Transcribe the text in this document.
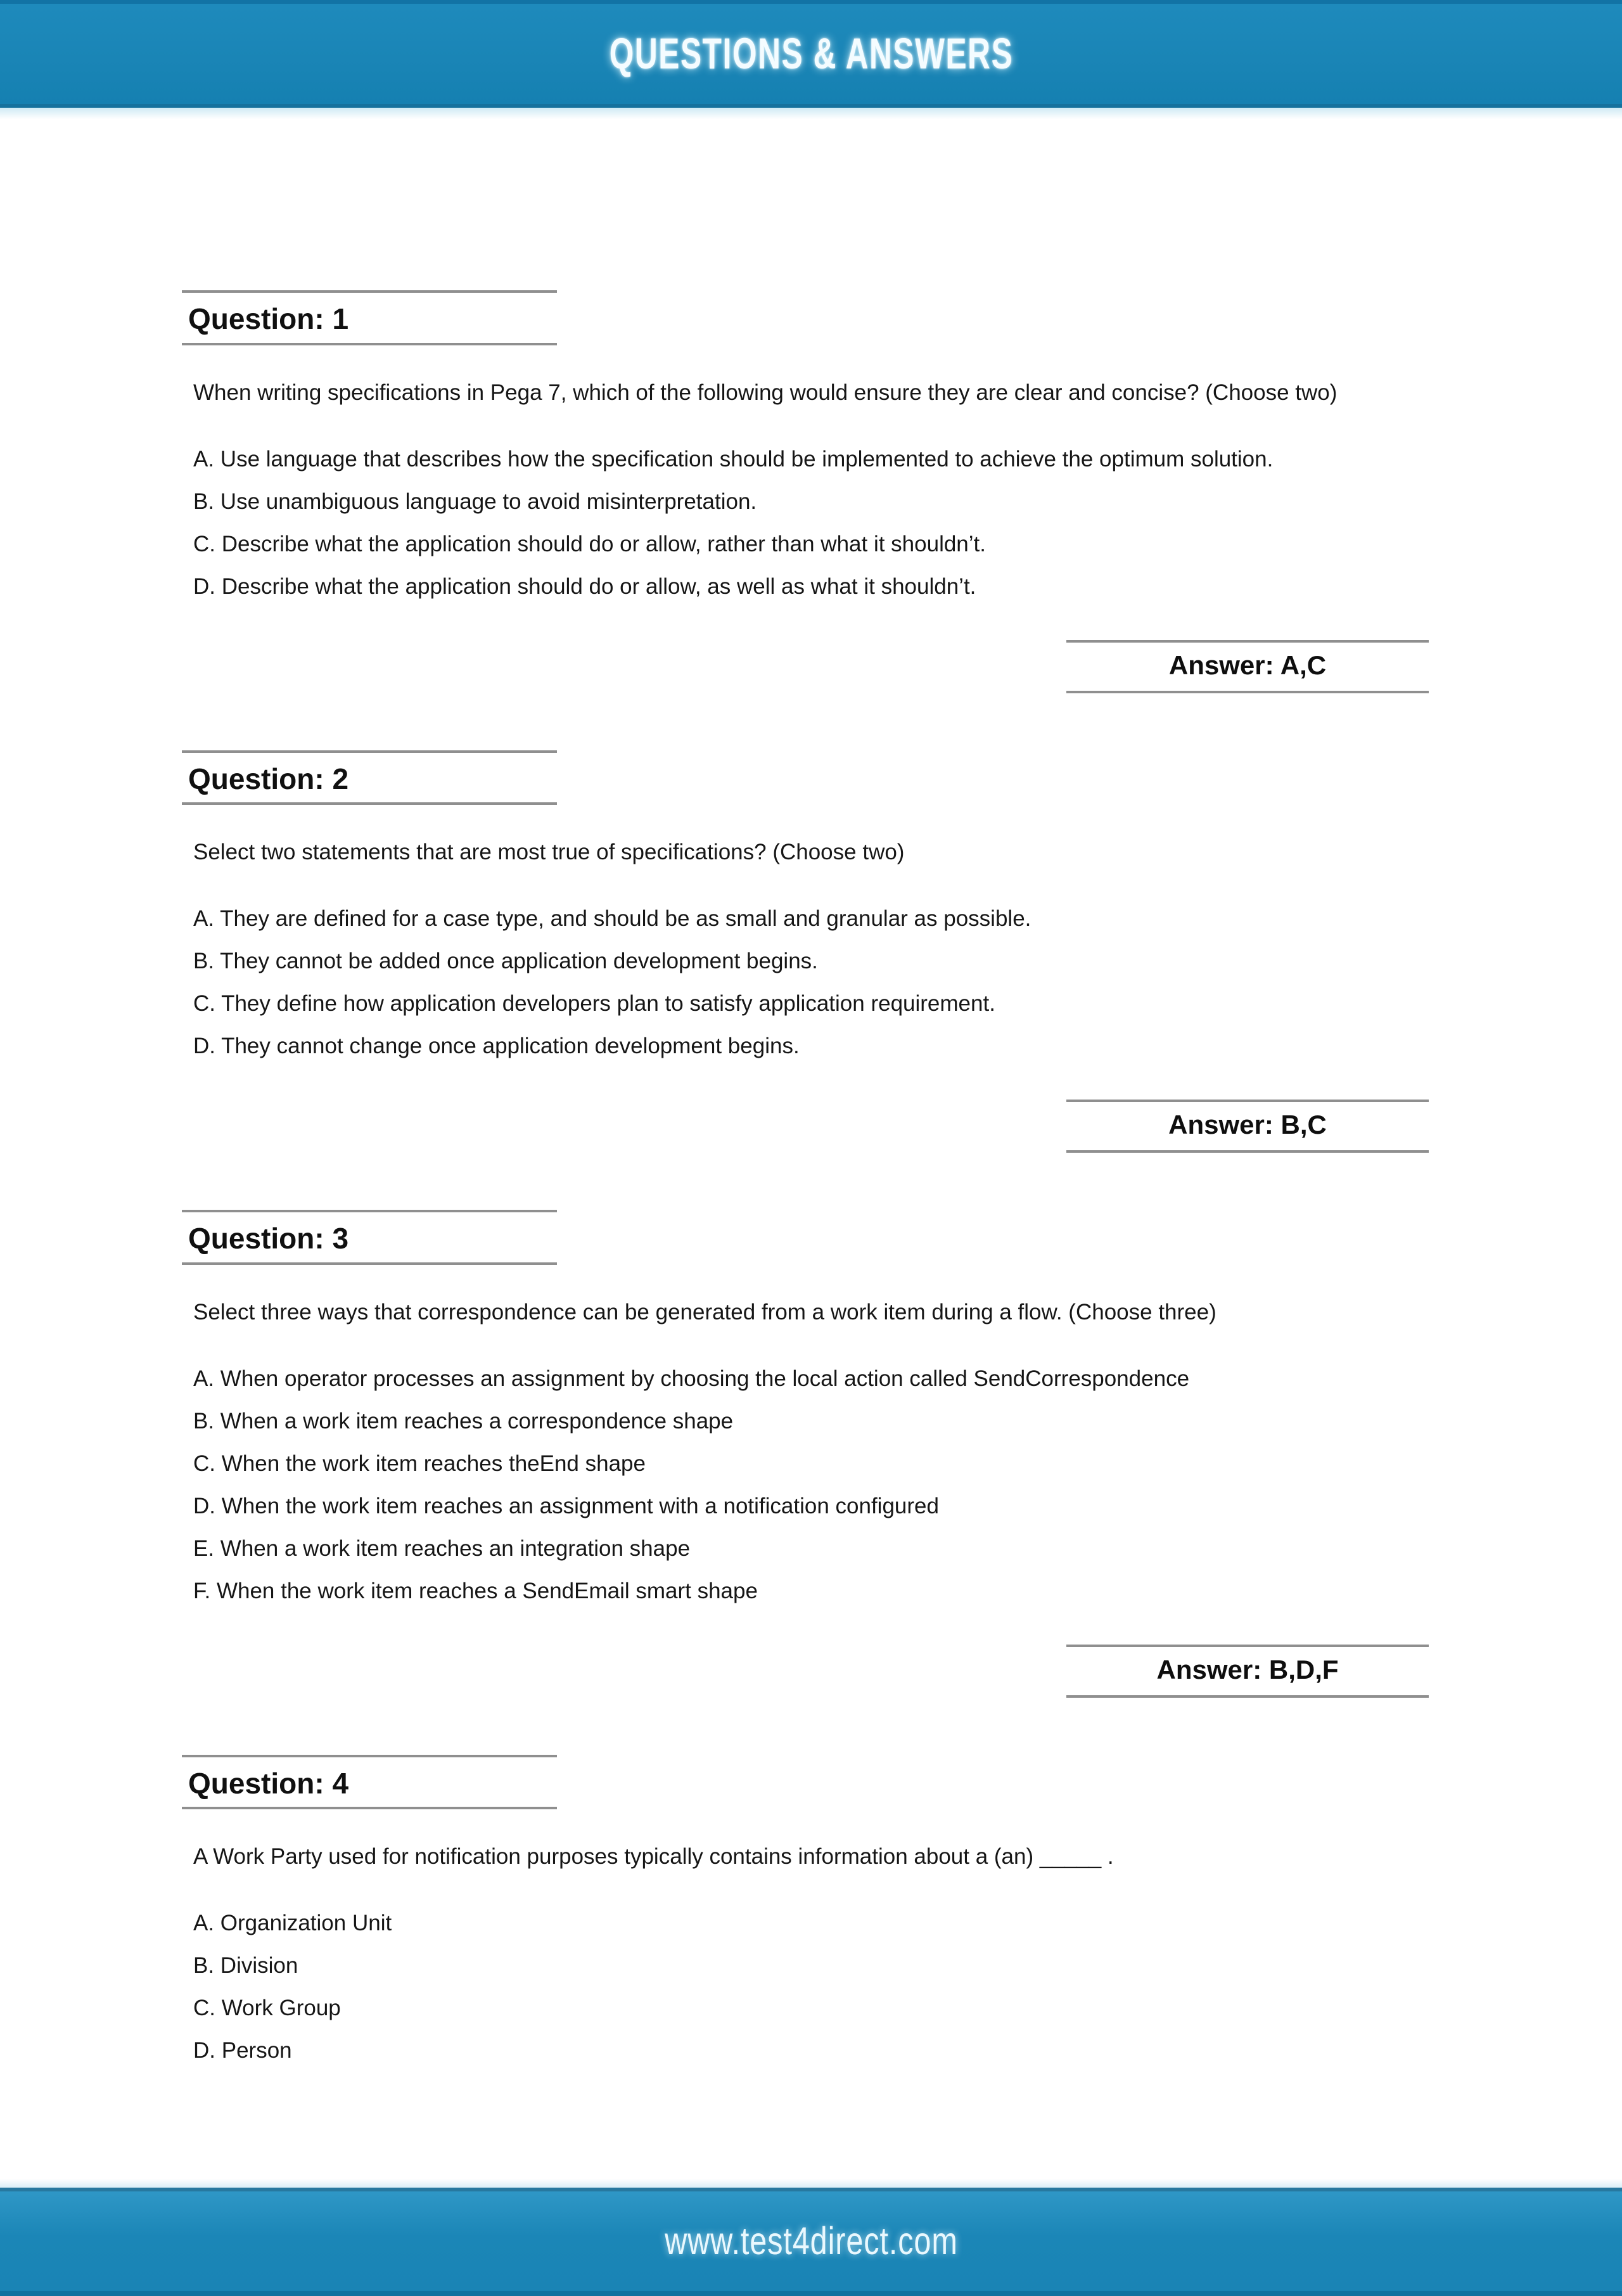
QUESTIONS & ANSWERS
Question: 1

When writing specifications in Pega 7, which of the following would ensure they are clear and concise? (Choose two)

A. Use language that describes how the specification should be implemented to achieve the optimum solution.
B. Use unambiguous language to avoid misinterpretation.
C. Describe what the application should do or allow, rather than what it shouldn’t.
D. Describe what the application should do or allow, as well as what it shouldn’t.
Answer: A,C
Question: 2

Select two statements that are most true of specifications? (Choose two)

A. They are defined for a case type, and should be as small and granular as possible.
B. They cannot be added once application development begins.
C. They define how application developers plan to satisfy application requirement.
D. They cannot change once application development begins.
Answer: B,C
Question: 3

Select three ways that correspondence can be generated from a work item during a flow. (Choose three)

A. When operator processes an assignment by choosing the local action called SendCorrespondence
B. When a work item reaches a correspondence shape
C. When the work item reaches theEnd shape
D. When the work item reaches an assignment with a notification configured
E. When a work item reaches an integration shape
F. When the work item reaches a SendEmail smart shape
Answer: B,D,F
Question: 4

A Work Party used for notification purposes typically contains information about a (an) _____ .

A. Organization Unit
B. Division
C. Work Group
D. Person
www.test4direct.com
